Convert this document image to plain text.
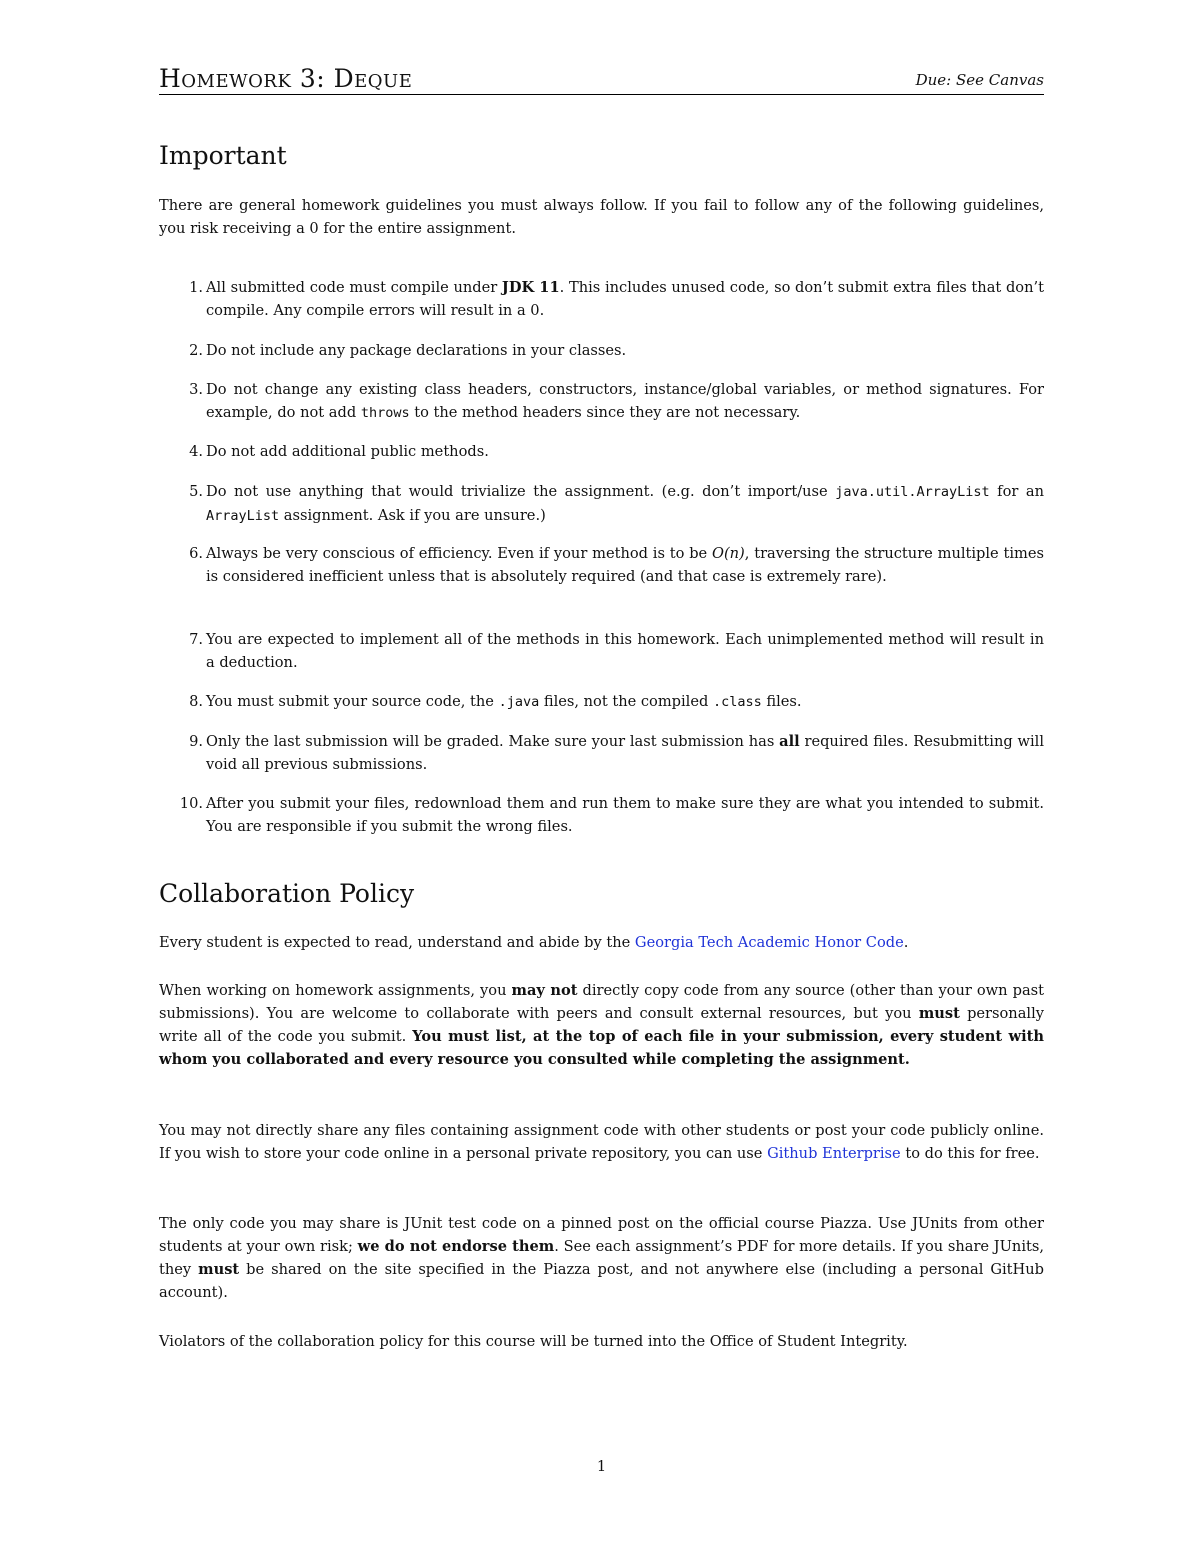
Homework 3: Deque	Due: See Canvas
Important

There are general homework guidelines you must always follow. If you fail to follow any of the following guidelines, you risk receiving a 0 for the entire assignment.

1. All submitted code must compile under JDK 11. This includes unused code, so don’t submit extra files that don’t compile. Any compile errors will result in a 0.
2. Do not include any package declarations in your classes.
3. Do not change any existing class headers, constructors, instance/global variables, or method signatures. For example, do not add throws to the method headers since they are not necessary.
4. Do not add additional public methods.
5. Do not use anything that would trivialize the assignment. (e.g. don’t import/use java.util.ArrayList for an ArrayList assignment. Ask if you are unsure.)
6. Always be very conscious of efficiency. Even if your method is to be O(n), traversing the structure multiple times is considered inefficient unless that is absolutely required (and that case is extremely rare).
7. You are expected to implement all of the methods in this homework. Each unimplemented method will result in a deduction.
8. You must submit your source code, the .java files, not the compiled .class files.
9. Only the last submission will be graded. Make sure your last submission has all required files. Resubmitting will void all previous submissions.
10. After you submit your files, redownload them and run them to make sure they are what you intended to submit. You are responsible if you submit the wrong files.
Collaboration Policy

Every student is expected to read, understand and abide by the Georgia Tech Academic Honor Code.

When working on homework assignments, you may not directly copy code from any source (other than your own past submissions). You are welcome to collaborate with peers and consult external resources, but you must personally write all of the code you submit. You must list, at the top of each file in your submission, every student with whom you collaborated and every resource you consulted while completing the assignment.

You may not directly share any files containing assignment code with other students or post your code publicly online. If you wish to store your code online in a personal private repository, you can use Github Enterprise to do this for free.

The only code you may share is JUnit test code on a pinned post on the official course Piazza. Use JUnits from other students at your own risk; we do not endorse them. See each assignment’s PDF for more details. If you share JUnits, they must be shared on the site specified in the Piazza post, and not anywhere else (including a personal GitHub account).

Violators of the collaboration policy for this course will be turned into the Office of Student Integrity.

1
